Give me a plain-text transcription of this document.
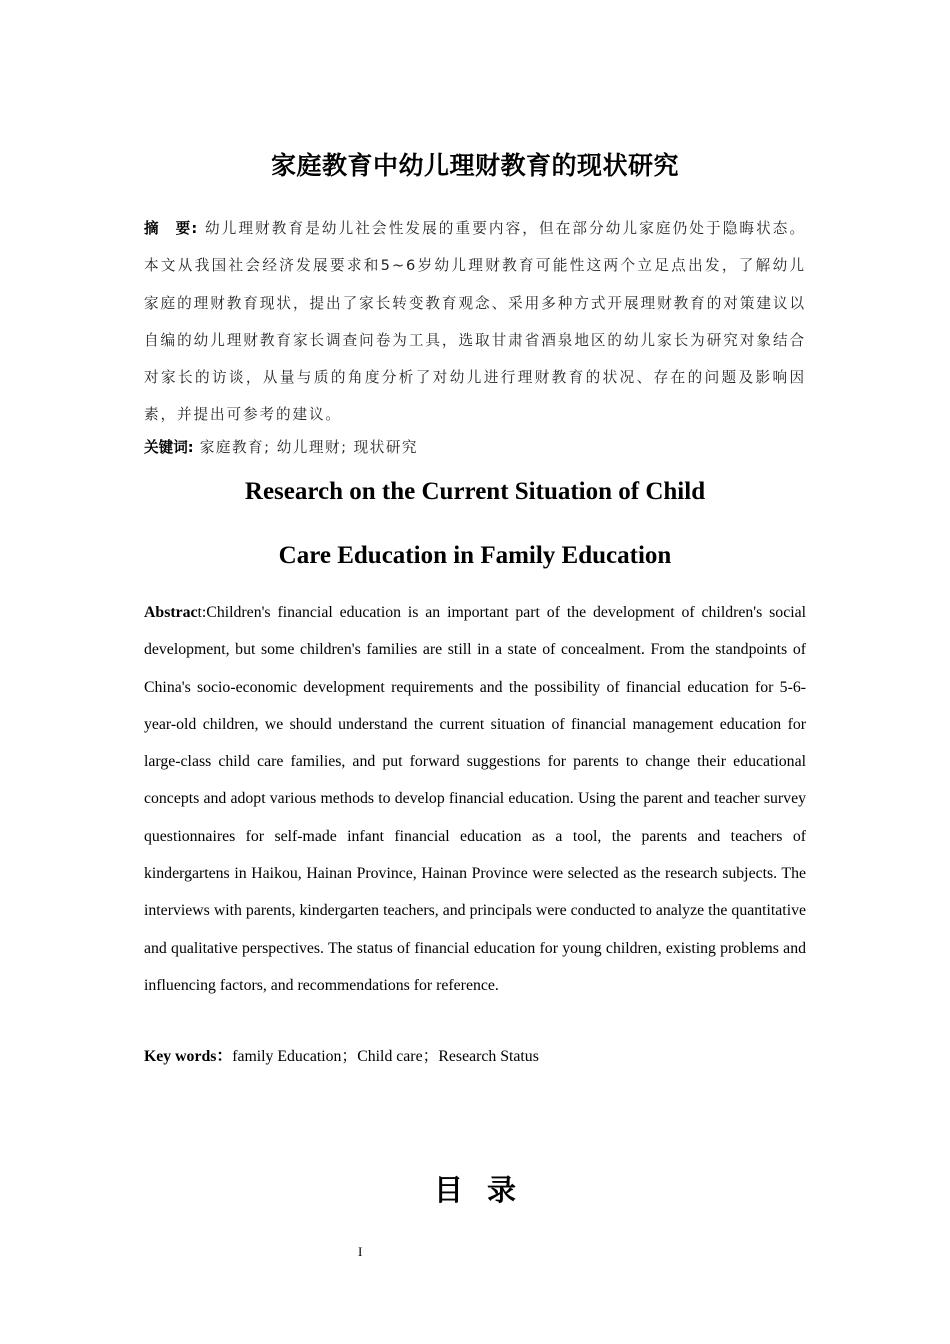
家庭教育中幼儿理财教育的现状研究
摘　要: 幼儿理财教育是幼儿社会性发展的重要内容，但在部分幼儿家庭仍处于隐晦状态。本文从我国社会经济发展要求和5~6岁幼儿理财教育可能性这两个立足点出发，了解幼儿家庭的理财教育现状，提出了家长转变教育观念、采用多种方式开展理财教育的对策建议以自编的幼儿理财教育家长调查问卷为工具，选取甘肃省酒泉地区的幼儿家长为研究对象结合对家长的访谈，从量与质的角度分析了对幼儿进行理财教育的状况、存在的问题及影响因素，并提出可参考的建议。
关键词: 家庭教育; 幼儿理财; 现状研究
Research on the Current Situation of Child
Care Education in Family Education
Abstract:Children's financial education is an important part of the development of children's social development, but some children's families are still in a state of concealment. From the standpoints of China's socio-economic development requirements and the possibility of financial education for 5-6-year-old children, we should understand the current situation of financial management education for large-class child care families, and put forward suggestions for parents to change their educational concepts and adopt various methods to develop financial education. Using the parent and teacher survey questionnaires for self-made infant financial education as a tool, the parents and teachers of kindergartens in Haikou, Hainan Province, Hainan Province were selected as the research subjects. The interviews with parents, kindergarten teachers, and principals were conducted to analyze the quantitative and qualitative perspectives. The status of financial education for young children, existing problems and influencing factors, and recommendations for reference.
Key words：family Education；Child care；Research Status
目录
I
